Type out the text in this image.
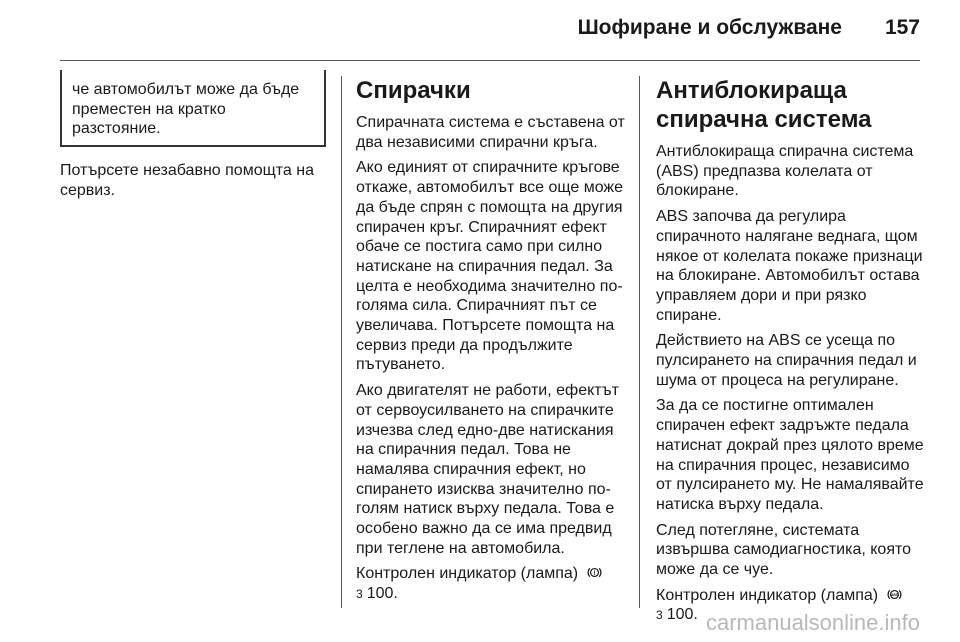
Шофиране и обслужване 157

че автомобилът може да бъде преместен на кратко разстояние.

Потърсете незабавно помощта на сервиз.

Спирачки

Спирачната система е съставена от два независими спирачни кръга.

Ако единият от спирачните кръгове откаже, автомобилът все още може да бъде спрян с помощта на другия спирачен кръг. Спирачният ефект обаче се постига само при силно натискане на спирачния педал. За целта е необходима значително по-голяма сила. Спирачният път се увеличава. Потърсете помощта на сервиз преди да продължите пътуването.

Ако двигателят не работи, ефектът от сервоусилването на спирачките изчезва след едно-две натискания на спирачния педал. Това не намалява спирачния ефект, но спирането изисква значително по-голям натиск върху педала. Това е особено важно да се има предвид при теглене на автомобила.

Контролен индикатор (лампа) !

3 100.

Антиблокираща спирачна система

Антиблокираща спирачна система (ABS) предпазва колелата от блокиране.

ABS започва да регулира спирачното налягане веднага, щом някое от колелата покаже признаци на блокиране. Автомобилът остава управляем дори и при рязко спиране.

Действието на ABS се усеща по пулсирането на спирачния педал и шума от процеса на регулиране.

За да се постигне оптимален спирачен ефект задръжте педала натиснат докрай през цялото време на спирачния процес, независимо от пулсирането му. Не намалявайте натиска върху педала.

След потегляне, системата извършва самодиагностика, която може да се чуе.

Контролен индикатор (лампа)	ABS

3 100. carmanualsonline.info
